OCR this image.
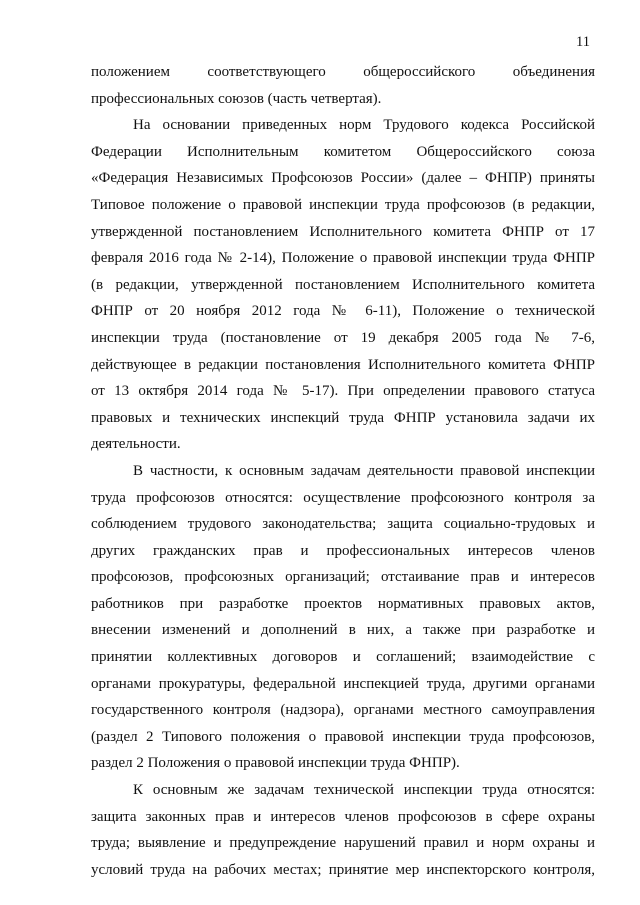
11
положением соответствующего общероссийского объединения
профессиональных союзов (часть четвертая).
На основании приведенных норм Трудового кодекса Российской
Федерации Исполнительным комитетом Общероссийского союза
«Федерация Независимых Профсоюзов России» (далее – ФНПР) приняты
Типовое положение о правовой инспекции труда профсоюзов (в редакции,
утвержденной постановлением Исполнительного комитета ФНПР от 17
февраля 2016 года № 2-14), Положение о правовой инспекции труда ФНПР
(в редакции, утвержденной постановлением Исполнительного комитета
ФНПР от 20 ноября 2012 года № 6-11), Положение о технической
инспекции труда (постановление от 19 декабря 2005 года № 7-6,
действующее в редакции постановления Исполнительного комитета ФНПР
от 13 октября 2014 года № 5-17). При определении правового статуса
правовых и технических инспекций труда ФНПР установила задачи их
деятельности.
В частности, к основным задачам деятельности правовой инспекции
труда профсоюзов относятся: осуществление профсоюзного контроля за
соблюдением трудового законодательства; защита социально-трудовых и
других гражданских прав и профессиональных интересов членов
профсоюзов, профсоюзных организаций; отстаивание прав и интересов
работников при разработке проектов нормативных правовых актов,
внесении изменений и дополнений в них, а также при разработке и
принятии коллективных договоров и соглашений; взаимодействие с
органами прокуратуры, федеральной инспекцией труда, другими органами
государственного контроля (надзора), органами местного самоуправления
(раздел 2 Типового положения о правовой инспекции труда профсоюзов,
раздел 2 Положения о правовой инспекции труда ФНПР).
К основным же задачам технической инспекции труда относятся:
защита законных прав и интересов членов профсоюзов в сфере охраны
труда; выявление и предупреждение нарушений правил и норм охраны и
условий труда на рабочих местах; принятие мер инспекторского контроля,
